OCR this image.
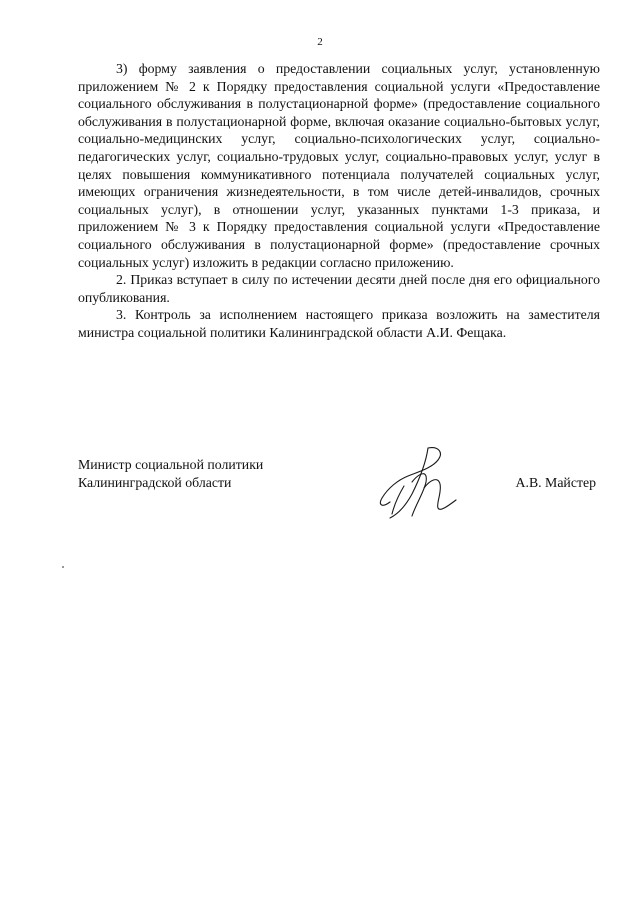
2

3) форму заявления о предоставлении социальных услуг, установленную приложением № 2 к Порядку предоставления социальной услуги «Предоставление социального обслуживания в полустационарной форме» (предоставление социального обслуживания в полустационарной форме, включая оказание социально-бытовых услуг, социально-медицинских услуг, социально-психологических услуг, социально-педагогических услуг, социально-трудовых услуг, социально-правовых услуг, услуг в целях повышения коммуникативного потенциала получателей социальных услуг, имеющих ограничения жизнедеятельности, в том числе детей-инвалидов, срочных социальных услуг), в отношении услуг, указанных пунктами 1-3 приказа, и приложением № 3 к Порядку предоставления социальной услуги «Предоставление социального обслуживания в полустационарной форме» (предоставление срочных социальных услуг) изложить в редакции согласно приложению.

2. Приказ вступает в силу по истечении десяти дней после дня его официального опубликования.

3. Контроль за исполнением настоящего приказа возложить на заместителя министра социальной политики Калининградской области А.И. Фещака.

Министр социальной политики
Калининградской области	А.В. Майстер
